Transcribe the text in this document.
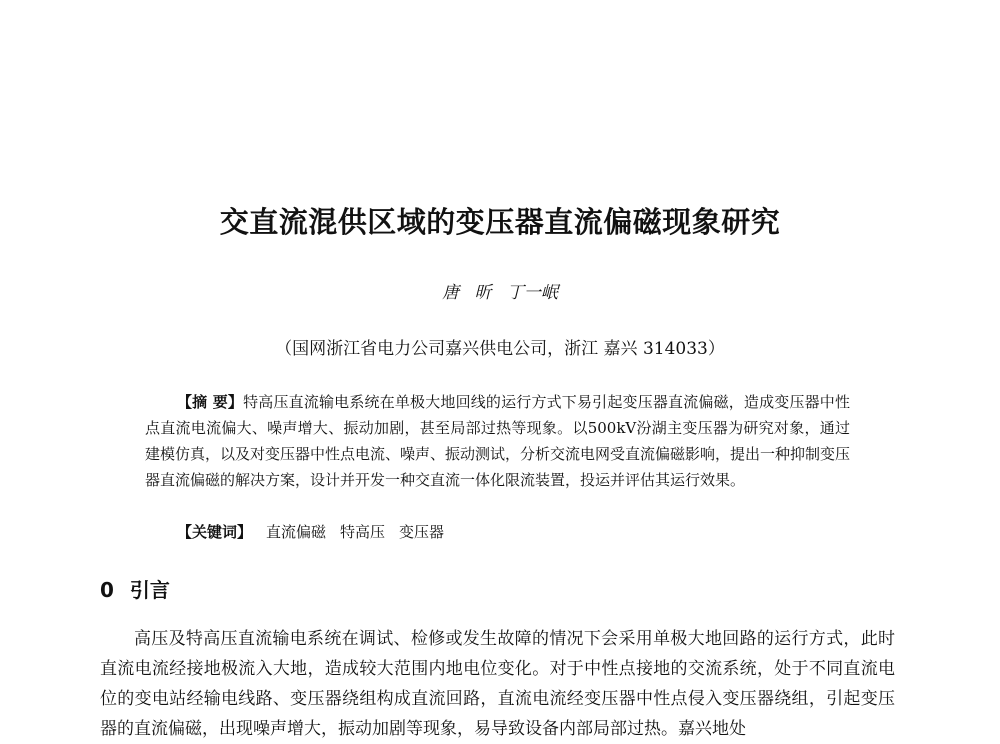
交直流混供区域的变压器直流偏磁现象研究

唐 昕 丁一岷

（国网浙江省电力公司嘉兴供电公司，浙江 嘉兴 314033）

【摘 要】特高压直流输电系统在单极大地回线的运行方式下易引起变压器直流偏磁，造成变压器中性点直流电流偏大、噪声增大、振动加剧，甚至局部过热等现象。以500kV汾湖主变压器为研究对象，通过建模仿真，以及对变压器中性点电流、噪声、振动测试，分析交流电网受直流偏磁影响，提出一种抑制变压器直流偏磁的解决方案，设计并开发一种交直流一体化限流装置，投运并评估其运行效果。

【关键词】 直流偏磁 特高压 变压器

0 引言

高压及特高压直流输电系统在调试、检修或发生故障的情况下会采用单极大地回路的运行方式，此时直流电流经接地极流入大地，造成较大范围内地电位变化。对于中性点接地的交流系统，处于不同直流电位的变电站经输电线路、变压器绕组构成直流回路，直流电流经变压器中性点侵入变压器绕组，引起变压器的直流偏磁，出现噪声增大，振动加剧等现象，易导致设备内部局部过热。嘉兴地处
